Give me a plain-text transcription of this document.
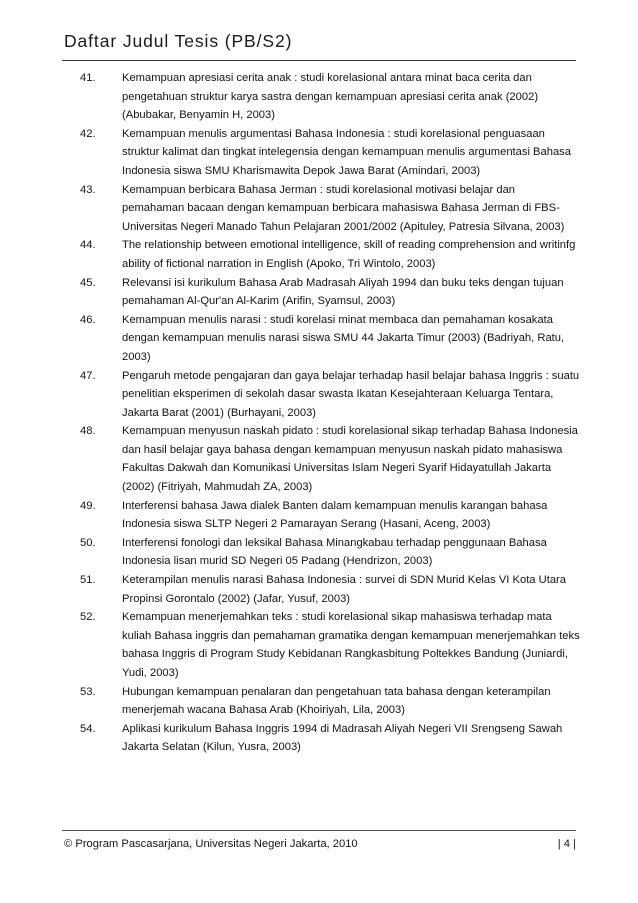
Daftar Judul Tesis (PB/S2)
41.	Kemampuan apresiasi cerita anak : studi korelasional antara minat baca cerita dan pengetahuan struktur karya sastra dengan kemampuan apresiasi cerita anak (2002) (Abubakar, Benyamin H, 2003)
42.	Kemampuan menulis argumentasi Bahasa Indonesia : studi korelasional penguasaan struktur kalimat dan tingkat intelegensia dengan kemampuan menulis argumentasi Bahasa Indonesia siswa SMU Kharismawita Depok Jawa Barat (Amindari, 2003)
43.	Kemampuan berbicara Bahasa Jerman : studi korelasional motivasi belajar dan pemahaman bacaan dengan kemampuan berbicara mahasiswa Bahasa Jerman di FBS-Universitas Negeri Manado Tahun Pelajaran 2001/2002 (Apituley, Patresia Silvana, 2003)
44.	The relationship between emotional intelligence, skill of reading comprehension and writinfg ability of fictional narration in English (Apoko, Tri Wintolo, 2003)
45.	Relevansi isi kurikulum Bahasa Arab Madrasah Aliyah 1994 dan buku teks dengan tujuan pemahaman Al-Qur'an Al-Karim (Arifin, Syamsul, 2003)
46.	Kemampuan menulis narasi : studi korelasi minat membaca dan pemahaman kosakata dengan kemampuan menulis narasi siswa SMU 44 Jakarta Timur (2003) (Badriyah, Ratu, 2003)
47.	Pengaruh metode pengajaran dan gaya belajar terhadap hasil belajar bahasa Inggris : suatu penelitian eksperimen di sekolah dasar swasta Ikatan Kesejahteraan Keluarga Tentara, Jakarta Barat (2001) (Burhayani, 2003)
48.	Kemampuan menyusun naskah pidato : studi korelasional sikap terhadap Bahasa Indonesia dan hasil belajar gaya bahasa dengan kemampuan menyusun naskah pidato mahasiswa Fakultas Dakwah dan Komunikasi Universitas Islam Negeri Syarif Hidayatullah Jakarta (2002) (Fitriyah, Mahmudah ZA, 2003)
49.	Interferensi bahasa Jawa dialek Banten dalam kemampuan menulis karangan bahasa Indonesia siswa SLTP Negeri 2 Pamarayan Serang (Hasani, Aceng, 2003)
50.	Interferensi fonologi dan leksikal Bahasa Minangkabau terhadap penggunaan Bahasa Indonesia lisan murid SD Negeri 05 Padang (Hendrizon, 2003)
51.	Keterampilan menulis narasi Bahasa Indonesia : survei di SDN Murid Kelas VI Kota Utara Propinsi Gorontalo (2002) (Jafar, Yusuf, 2003)
52.	Kemampuan menerjemahkan teks : studi korelasional sikap mahasiswa terhadap mata kuliah Bahasa inggris dan pemahaman gramatika dengan kemampuan menerjemahkan teks bahasa Inggris di Program Study Kebidanan Rangkasbitung Poltekkes Bandung (Juniardi, Yudi, 2003)
53.	Hubungan kemampuan penalaran dan pengetahuan tata bahasa dengan keterampilan menerjemah wacana Bahasa Arab (Khoiriyah, Lila, 2003)
54.	Aplikasi kurikulum Bahasa Inggris 1994 di Madrasah Aliyah Negeri VII Srengseng Sawah Jakarta Selatan (Kilun, Yusra, 2003)
© Program Pascasarjana, Universitas Negeri Jakarta, 2010	| 4 |
